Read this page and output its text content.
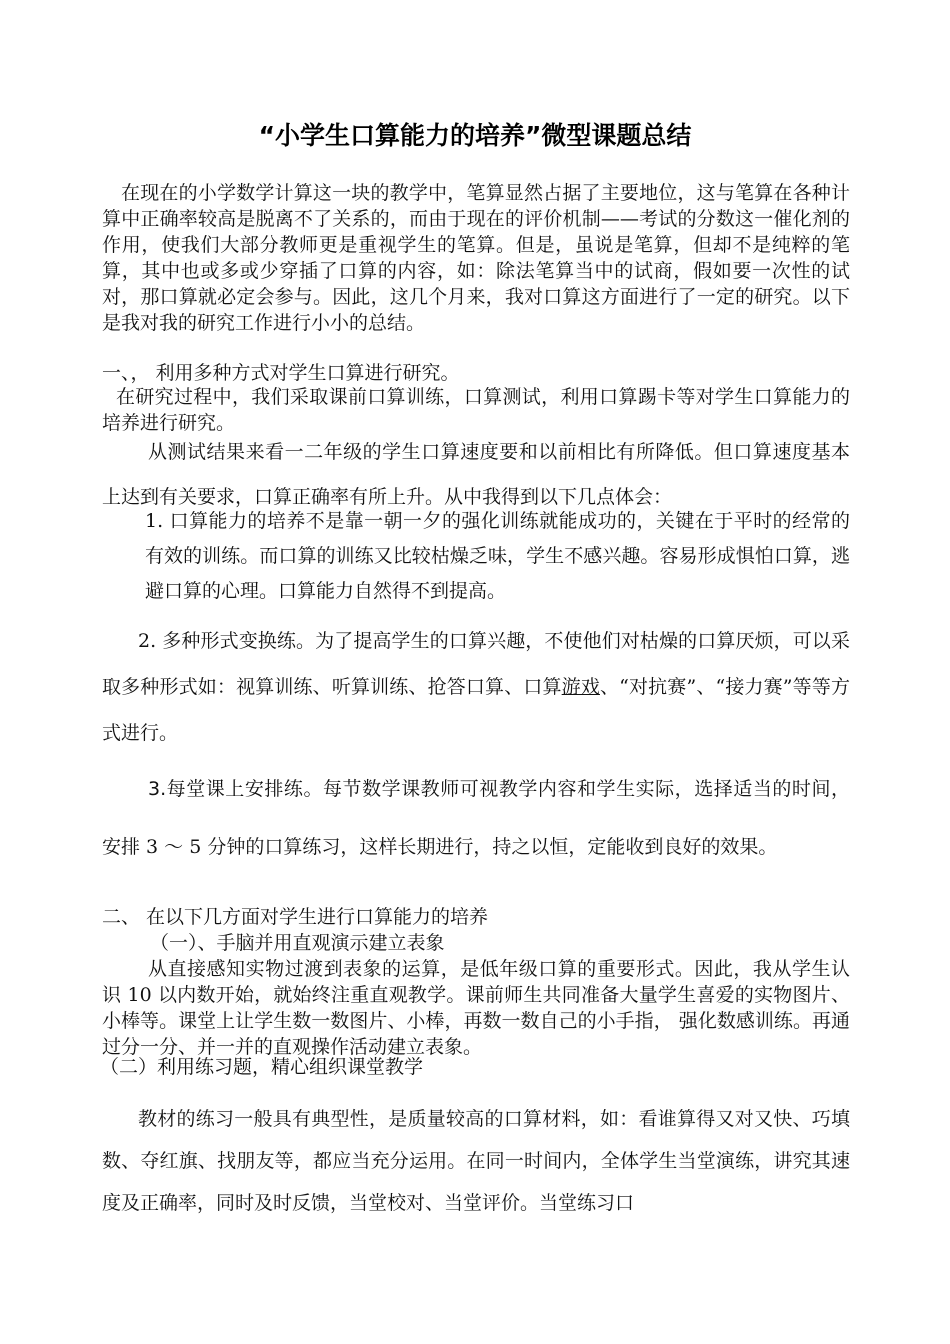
“小学生口算能力的培养”微型课题总结
在现在的小学数学计算这一块的教学中，笔算显然占据了主要地位，这与笔算在各种计算中正确率较高是脱离不了关系的，而由于现在的评价机制——考试的分数这一催化剂的作用，使我们大部分教师更是重视学生的笔算。但是，虽说是笔算，但却不是纯粹的笔算，其中也或多或少穿插了口算的内容，如：除法笔算当中的试商，假如要一次性的试对，那口算就必定会参与。因此，这几个月来，我对口算这方面进行了一定的研究。以下是我对我的研究工作进行小小的总结。
一、， 利用多种方式对学生口算进行研究。
在研究过程中，我们采取课前口算训练，口算测试，利用口算踢卡等对学生口算能力的培养进行研究。
从测试结果来看一二年级的学生口算速度要和以前相比有所降低。但口算速度基本上达到有关要求，口算正确率有所上升。从中我得到以下几点体会：
1. 口算能力的培养不是靠一朝一夕的强化训练就能成功的，关键在于平时的经常的有效的训练。而口算的训练又比较枯燥乏味，学生不感兴趣。容易形成惧怕口算，逃避口算的心理。口算能力自然得不到提高。
2. 多种形式变换练。为了提高学生的口算兴趣，不使他们对枯燥的口算厌烦，可以采取多种形式如：视算训练、听算训练、抢答口算、口算游戏、“对抗赛”、“接力赛”等等方式进行。
3.每堂课上安排练。每节数学课教师可视教学内容和学生实际，选择适当的时间，安排 3 ～ 5 分钟的口算练习，这样长期进行，持之以恒，定能收到良好的效果。
二、 在以下几方面对学生进行口算能力的培养
（一）、手脑并用直观演示建立表象
从直接感知实物过渡到表象的运算，是低年级口算的重要形式。因此，我从学生认识 10 以内数开始，就始终注重直观教学。课前师生共同准备大量学生喜爱的实物图片、小棒等。课堂上让学生数一数图片、小棒，再数一数自己的小手指， 强化数感训练。再通过分一分、并一并的直观操作活动建立表象。
（二）利用练习题，精心组织课堂教学
教材的练习一般具有典型性，是质量较高的口算材料，如：看谁算得又对又快、巧填数、夺红旗、找朋友等，都应当充分运用。在同一时间内，全体学生当堂演练，讲究其速度及正确率，同时及时反馈，当堂校对、当堂评价。当堂练习口
